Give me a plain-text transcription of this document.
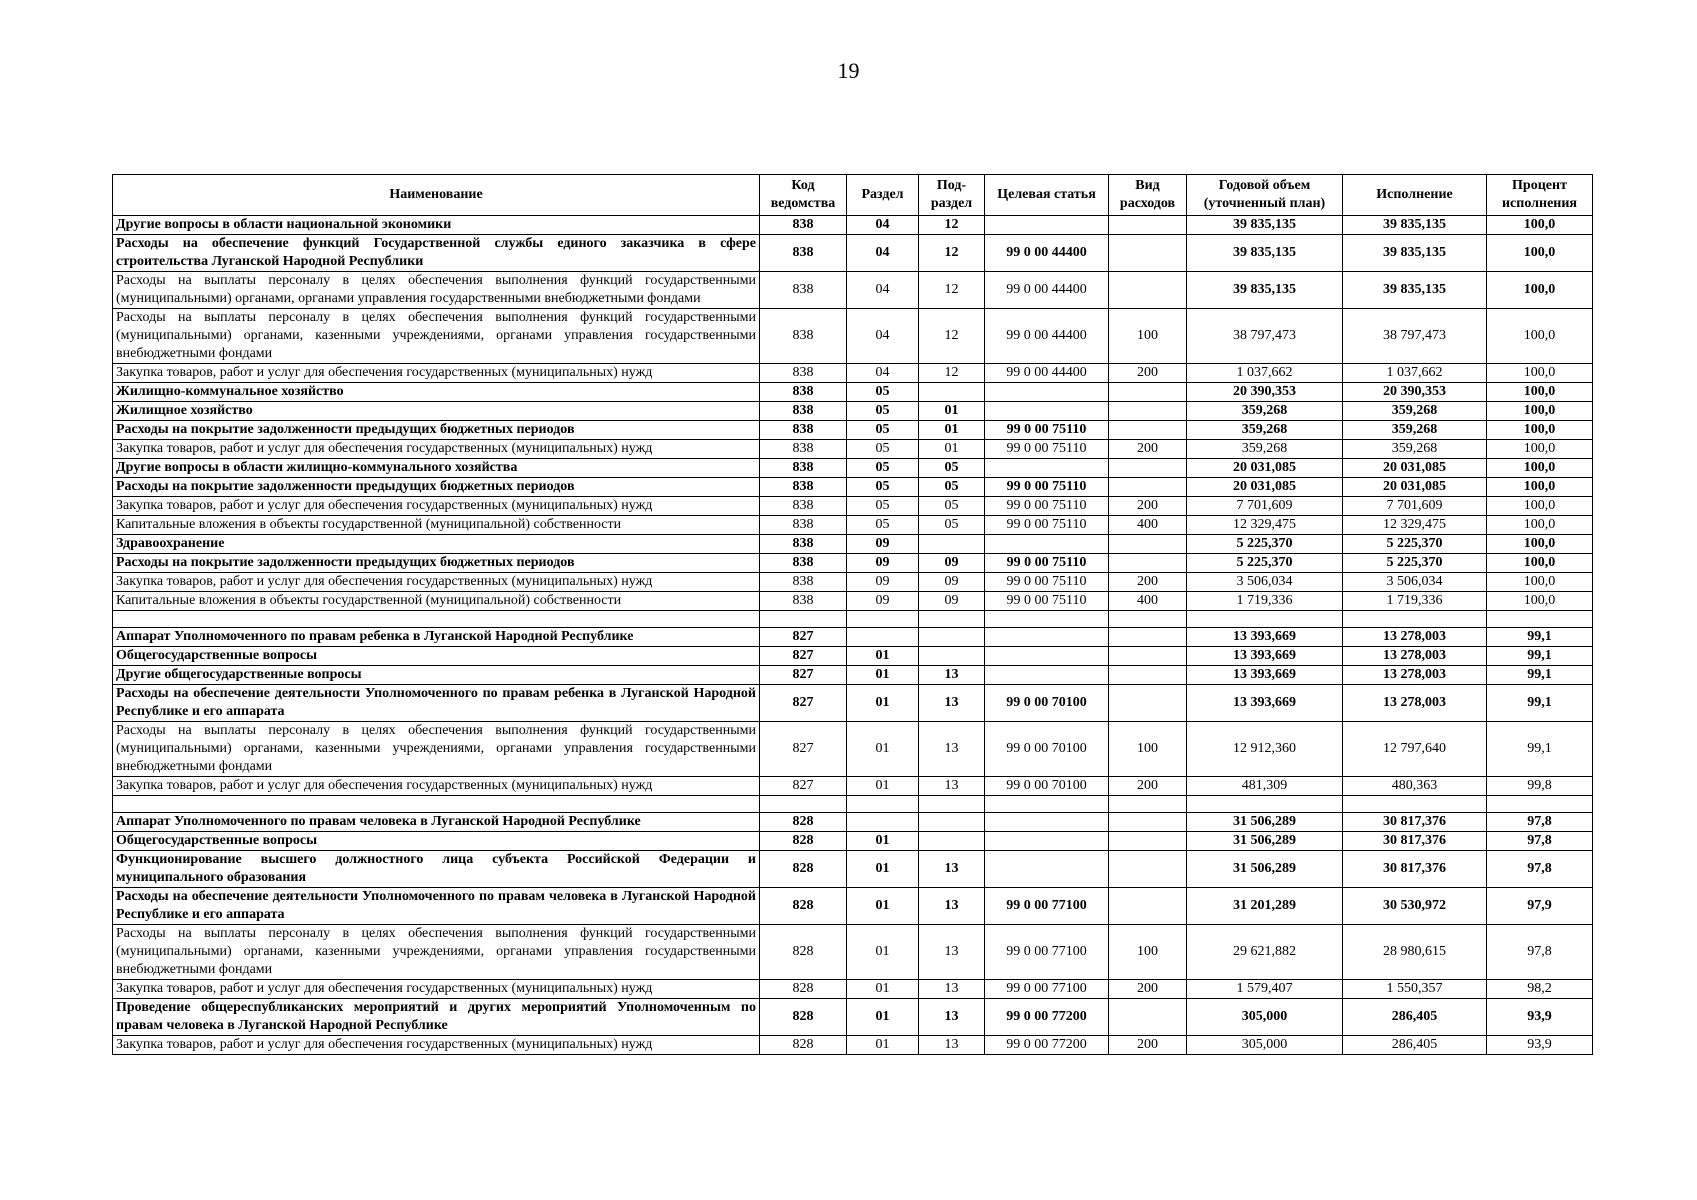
19
Наименование	Код ведомства	Раздел	Под-раздел	Целевая статья	Вид расходов	Годовой объем (уточненный план)	Исполнение	Процент исполнения
Другие вопросы в области национальной экономики	838	04	12			39 835,135	39 835,135	100,0
Расходы на обеспечение функций Государственной службы единого заказчика в сфере строительства Луганской Народной Республики	838	04	12	99 0 00 44400		39 835,135	39 835,135	100,0
Расходы на выплаты персоналу в целях обеспечения выполнения функций государственными (муниципальными) органами, органами управления государственными внебюджетными фондами	838	04	12	99 0 00 44400		39 835,135	39 835,135	100,0
Расходы на выплаты персоналу в целях обеспечения выполнения функций государственными (муниципальными) органами, казенными учреждениями, органами управления государственными внебюджетными фондами	838	04	12	99 0 00 44400	100	38 797,473	38 797,473	100,0
Закупка товаров, работ и услуг для обеспечения государственных (муниципальных) нужд	838	04	12	99 0 00 44400	200	1 037,662	1 037,662	100,0
Жилищно-коммунальное хозяйство	838	05				20 390,353	20 390,353	100,0
Жилищное хозяйство	838	05	01			359,268	359,268	100,0
Расходы на покрытие задолженности предыдущих бюджетных периодов	838	05	01	99 0 00 75110		359,268	359,268	100,0
Закупка товаров, работ и услуг для обеспечения государственных (муниципальных) нужд	838	05	01	99 0 00 75110	200	359,268	359,268	100,0
Другие вопросы в области жилищно-коммунального хозяйства	838	05	05			20 031,085	20 031,085	100,0
Расходы на покрытие задолженности предыдущих бюджетных периодов	838	05	05	99 0 00 75110		20 031,085	20 031,085	100,0
Закупка товаров, работ и услуг для обеспечения государственных (муниципальных) нужд	838	05	05	99 0 00 75110	200	7 701,609	7 701,609	100,0
Капитальные вложения в объекты государственной (муниципальной) собственности	838	05	05	99 0 00 75110	400	12 329,475	12 329,475	100,0
Здравоохранение	838	09				5 225,370	5 225,370	100,0
Расходы на покрытие задолженности предыдущих бюджетных периодов	838	09	09	99 0 00 75110		5 225,370	5 225,370	100,0
Закупка товаров, работ и услуг для обеспечения государственных (муниципальных) нужд	838	09	09	99 0 00 75110	200	3 506,034	3 506,034	100,0
Капитальные вложения в объекты государственной (муниципальной) собственности	838	09	09	99 0 00 75110	400	1 719,336	1 719,336	100,0

Аппарат Уполномоченного по правам ребенка в Луганской Народной Республике	827					13 393,669	13 278,003	99,1
Общегосударственные вопросы	827	01				13 393,669	13 278,003	99,1
Другие общегосударственные вопросы	827	01	13			13 393,669	13 278,003	99,1
Расходы на обеспечение деятельности Уполномоченного по правам ребенка в Луганской Народной Республике и его аппарата	827	01	13	99 0 00 70100		13 393,669	13 278,003	99,1
Расходы на выплаты персоналу в целях обеспечения выполнения функций государственными (муниципальными) органами, казенными учреждениями, органами управления государственными внебюджетными фондами	827	01	13	99 0 00 70100	100	12 912,360	12 797,640	99,1
Закупка товаров, работ и услуг для обеспечения государственных (муниципальных) нужд	827	01	13	99 0 00 70100	200	481,309	480,363	99,8

Аппарат Уполномоченного по правам человека в Луганской Народной Республике	828					31 506,289	30 817,376	97,8
Общегосударственные вопросы	828	01				31 506,289	30 817,376	97,8
Функционирование высшего должностного лица субъекта Российской Федерации и муниципального образования	828	01	13			31 506,289	30 817,376	97,8
Расходы на обеспечение деятельности Уполномоченного по правам человека в Луганской Народной Республике и его аппарата	828	01	13	99 0 00 77100		31 201,289	30 530,972	97,9
Расходы на выплаты персоналу в целях обеспечения выполнения функций государственными (муниципальными) органами, казенными учреждениями, органами управления государственными внебюджетными фондами	828	01	13	99 0 00 77100	100	29 621,882	28 980,615	97,8
Закупка товаров, работ и услуг для обеспечения государственных (муниципальных) нужд	828	01	13	99 0 00 77100	200	1 579,407	1 550,357	98,2
Проведение общереспубликанских мероприятий и других мероприятий Уполномоченным по правам человека в Луганской Народной Республике	828	01	13	99 0 00 77200		305,000	286,405	93,9
Закупка товаров, работ и услуг для обеспечения государственных (муниципальных) нужд	828	01	13	99 0 00 77200	200	305,000	286,405	93,9
